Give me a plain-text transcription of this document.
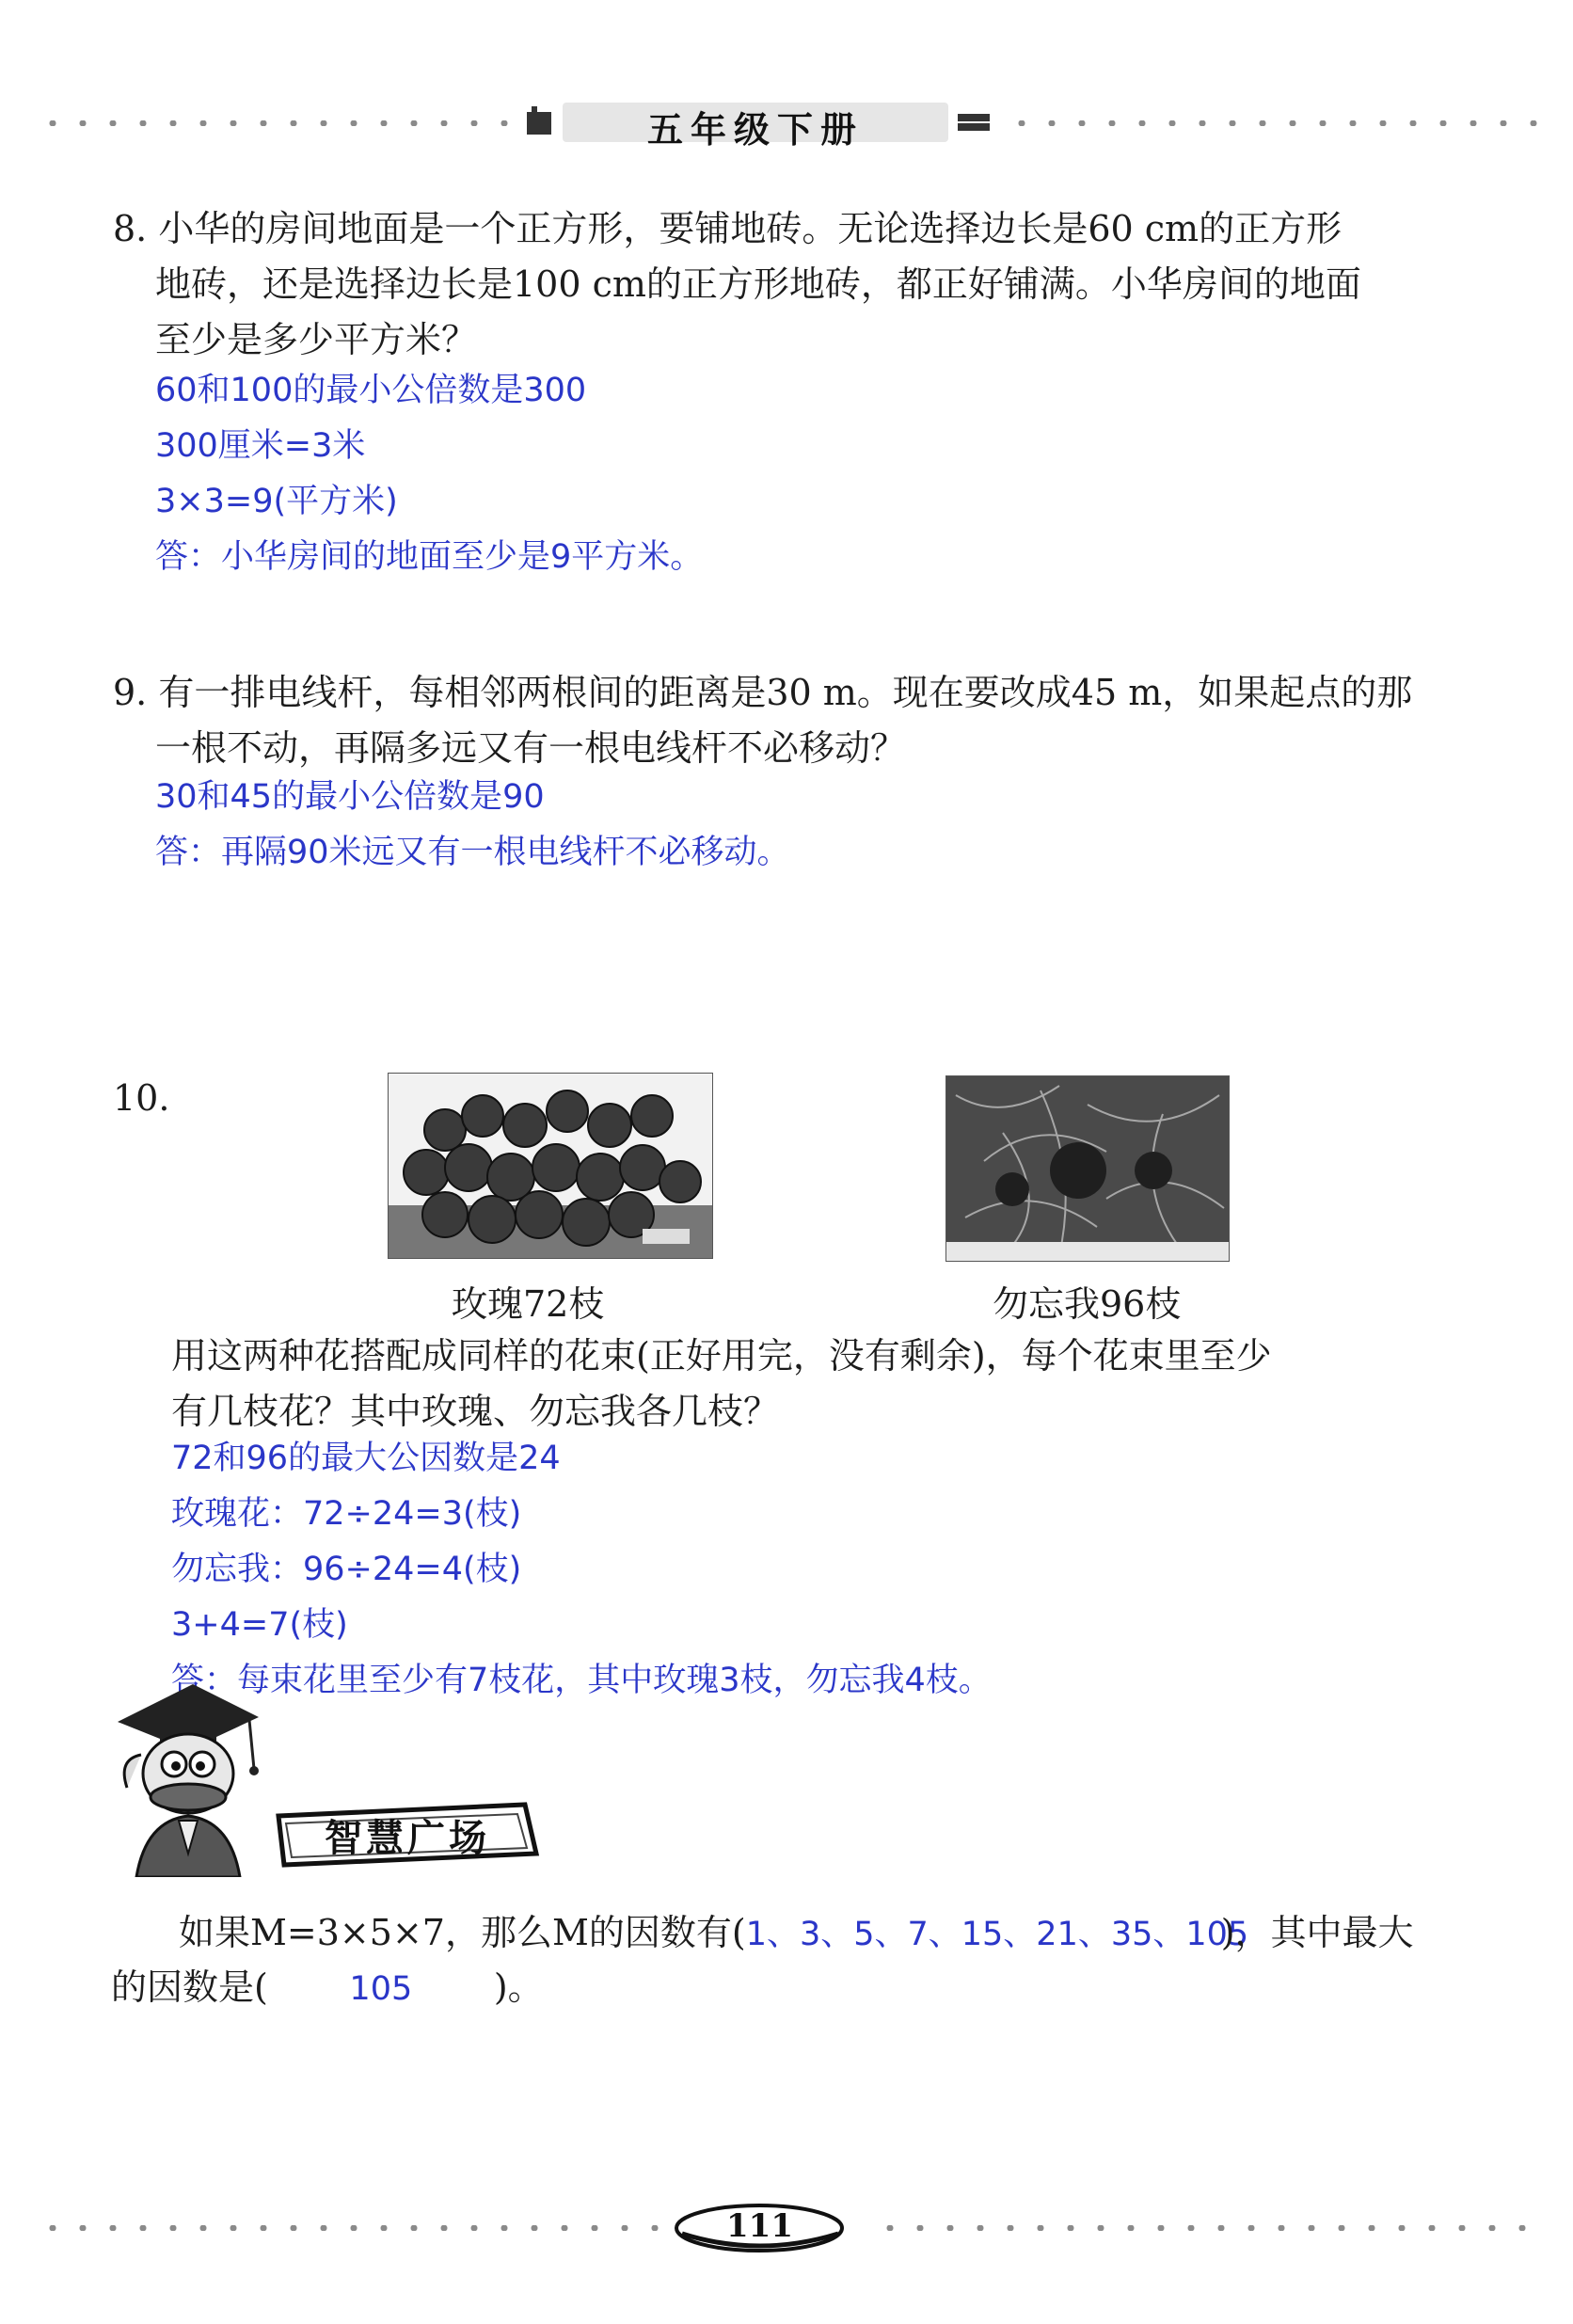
五年级下册
8. 小华的房间地面是一个正方形，要铺地砖。无论选择边长是60 cm的正方形
地砖，还是选择边长是100 cm的正方形地砖，都正好铺满。小华房间的地面
至少是多少平方米？
60和100的最小公倍数是300
300厘米=3米
3×3=9(平方米)
答：小华房间的地面至少是9平方米。
9. 有一排电线杆，每相邻两根间的距离是30 m。现在要改成45 m，如果起点的那
一根不动，再隔多远又有一根电线杆不必移动？
30和45的最小公倍数是90
答：再隔90米远又有一根电线杆不必移动。
10.
玫瑰72枝	勿忘我96枝
用这两种花搭配成同样的花束(正好用完，没有剩余)，每个花束里至少
有几枝花？其中玫瑰、勿忘我各几枝？
72和96的最大公因数是24
玫瑰花：72÷24=3(枝)
勿忘我：96÷24=4(枝)
3+4=7(枝)
答：每束花里至少有7枝花，其中玫瑰3枝，勿忘我4枝。
智慧广场
如果M=3×5×7，那么M的因数有(1、3、5、7、15、21、35、105)，其中最大
的因数是( 105 )。
111
